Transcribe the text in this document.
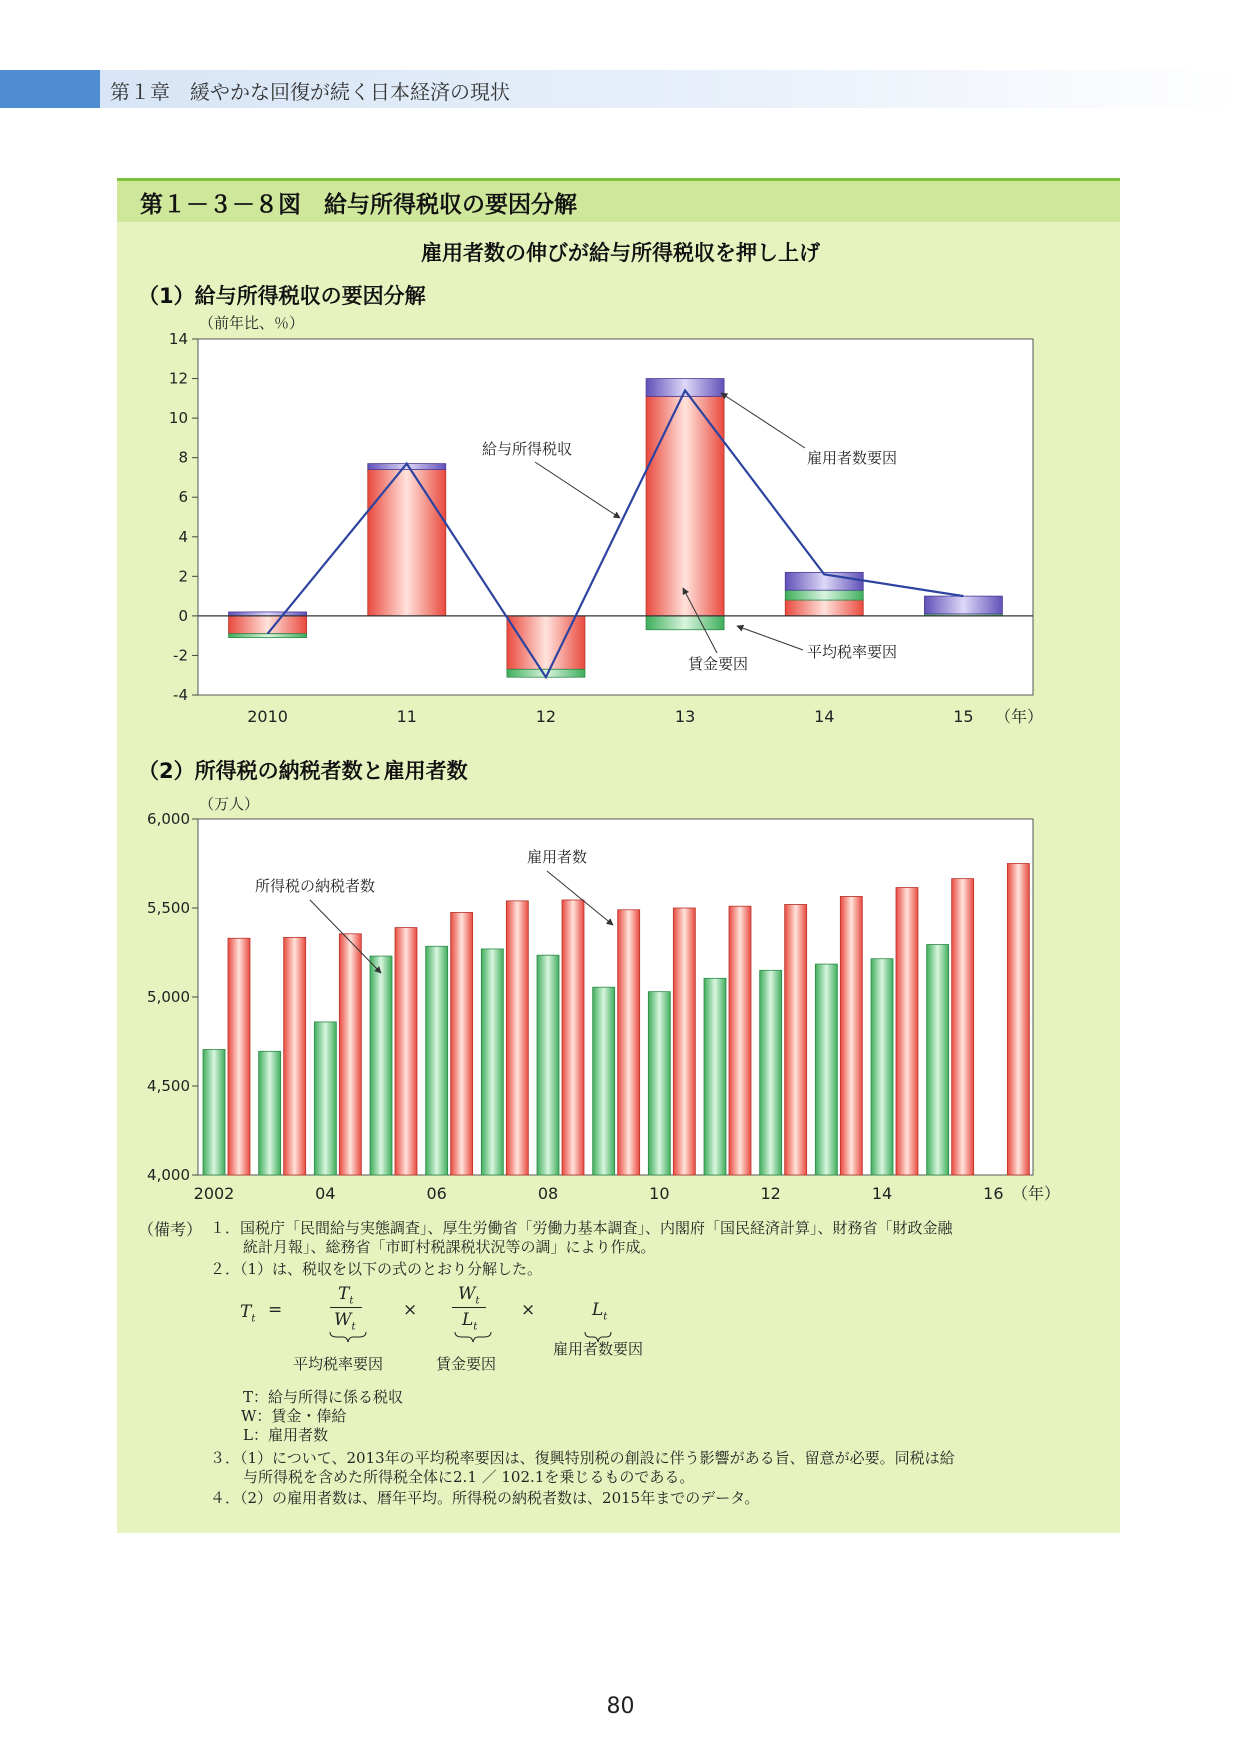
第１章　緩やかな回復が続く日本経済の現状
第１－３－８図　給与所得税収の要因分解
雇用者数の伸びが給与所得税収を押し上げ
（1）給与所得税収の要因分解
（2）所得税の納税者数と雇用者数
14
12
10
8
6
4
2
0
-2
-4
2010	11	12	13	14	15
（前年比、％）
（年）
給与所得税収	雇用者数要因
賃金要因
平均税率要因
6,000
5,500
5,000
4,500
4,000
2002	04	06	08	10	12	14	16
（万人）
（年）
所得税の納税者数
雇用者数
（備考） １．国税庁「民間給与実態調査」、厚生労働省「労働力基本調査」、内閣府「国民経済計算」、財務省「財政金融
統計月報」、総務省「市町村税課税状況等の調」により作成。
２．（1）は、税収を以下の式のとおり分解した。
$T_t$ =
$T_t$
$W_t$
×
$W_t$
$L_t$
×	$L_t$
平均税率要因	賃金要因
雇用者数要因
T：給与所得に係る税収
W：賃金・俸給
L：雇用者数
３．（1）について、2013年の平均税率要因は、復興特別税の創設に伴う影響がある旨、留意が必要。同税は給
与所得税を含めた所得税全体に2.1 ／ 102.1を乗じるものである。
４．（2）の雇用者数は、暦年平均。所得税の納税者数は、2015年までのデータ。
80
